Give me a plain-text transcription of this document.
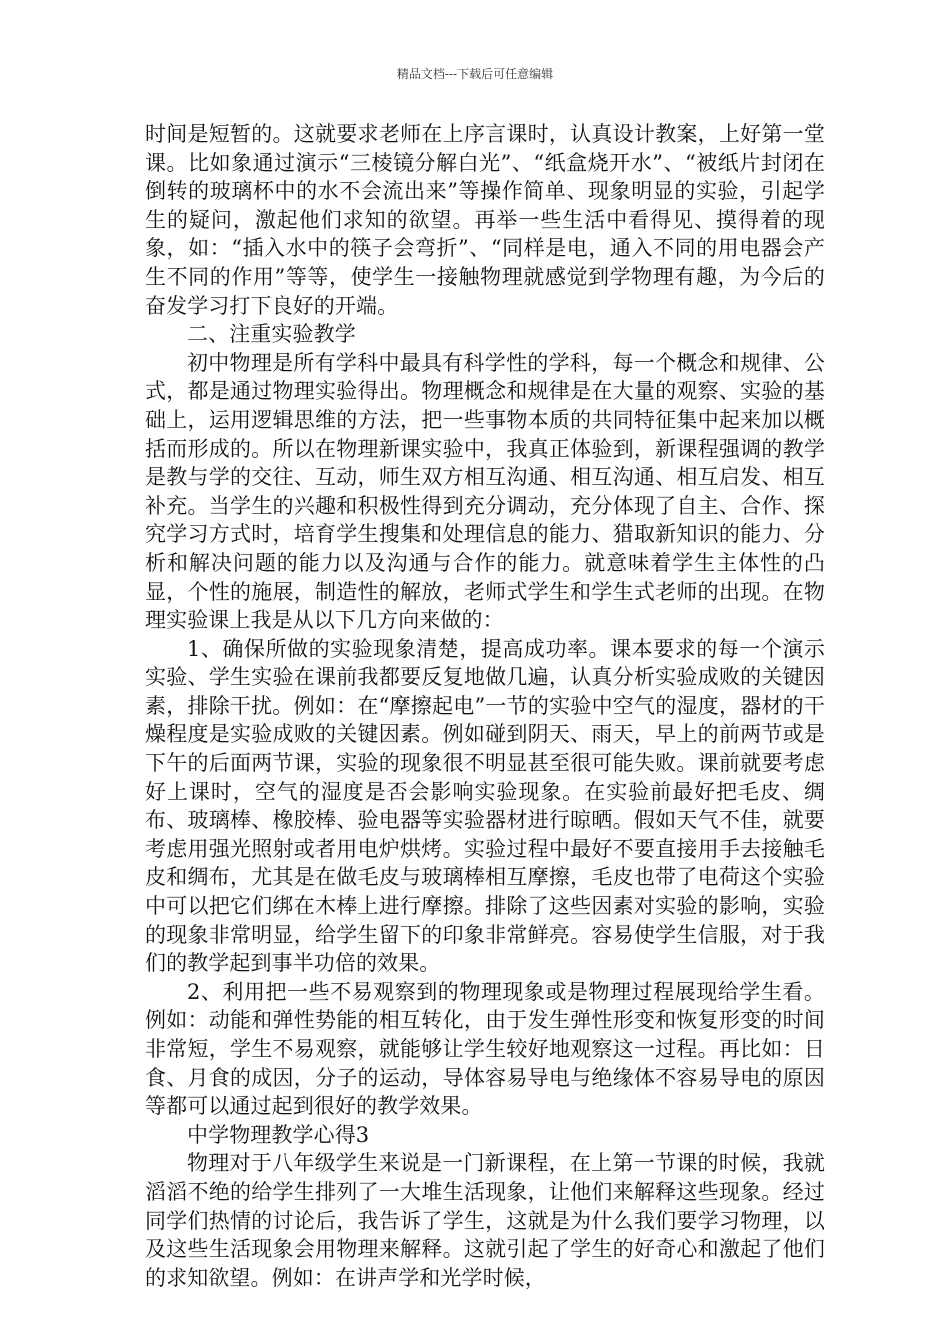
精品文档---下载后可任意编辑

时间是短暂的。这就要求老师在上序言课时，认真设计教案，上好第一堂课。比如象通过演示“三棱镜分解白光”、“纸盒烧开水”、“被纸片封闭在倒转的玻璃杯中的水不会流出来”等操作简单、现象明显的实验，引起学生的疑问，激起他们求知的欲望。再举一些生活中看得见、摸得着的现象，如：“插入水中的筷子会弯折”、“同样是电，通入不同的用电器会产生不同的作用”等等，使学生一接触物理就感觉到学物理有趣，为今后的奋发学习打下良好的开端。

二、注重实验教学

初中物理是所有学科中最具有科学性的学科，每一个概念和规律、公式，都是通过物理实验得出。物理概念和规律是在大量的观察、实验的基础上，运用逻辑思维的方法，把一些事物本质的共同特征集中起来加以概括而形成的。所以在物理新课实验中，我真正体验到，新课程强调的教学是教与学的交往、互动，师生双方相互沟通、相互沟通、相互启发、相互补充。当学生的兴趣和积极性得到充分调动，充分体现了自主、合作、探究学习方式时，培育学生搜集和处理信息的能力、猎取新知识的能力、分析和解决问题的能力以及沟通与合作的能力。就意味着学生主体性的凸显，个性的施展，制造性的解放，老师式学生和学生式老师的出现。在物理实验课上我是从以下几方向来做的：

1、确保所做的实验现象清楚，提高成功率。课本要求的每一个演示实验、学生实验在课前我都要反复地做几遍，认真分析实验成败的关键因素，排除干扰。例如：在“摩擦起电”一节的实验中空气的湿度，器材的干燥程度是实验成败的关键因素。例如碰到阴天、雨天，早上的前两节或是下午的后面两节课，实验的现象很不明显甚至很可能失败。课前就要考虑好上课时，空气的湿度是否会影响实验现象。在实验前最好把毛皮、绸布、玻璃棒、橡胶棒、验电器等实验器材进行晾晒。假如天气不佳，就要考虑用强光照射或者用电炉烘烤。实验过程中最好不要直接用手去接触毛皮和绸布，尤其是在做毛皮与玻璃棒相互摩擦，毛皮也带了电荷这个实验中可以把它们绑在木棒上进行摩擦。排除了这些因素对实验的影响，实验的现象非常明显，给学生留下的印象非常鲜亮。容易使学生信服，对于我们的教学起到事半功倍的效果。

2、利用把一些不易观察到的物理现象或是物理过程展现给学生看。例如：动能和弹性势能的相互转化，由于发生弹性形变和恢复形变的时间非常短，学生不易观察，就能够让学生较好地观察这一过程。再比如：日食、月食的成因，分子的运动，导体容易导电与绝缘体不容易导电的原因等都可以通过起到很好的教学效果。

中学物理教学心得3

物理对于八年级学生来说是一门新课程，在上第一节课的时候，我就滔滔不绝的给学生排列了一大堆生活现象，让他们来解释这些现象。经过同学们热情的讨论后，我告诉了学生，这就是为什么我们要学习物理，以及这些生活现象会用物理来解释。这就引起了学生的好奇心和激起了他们的求知欲望。例如：在讲声学和光学时候，
